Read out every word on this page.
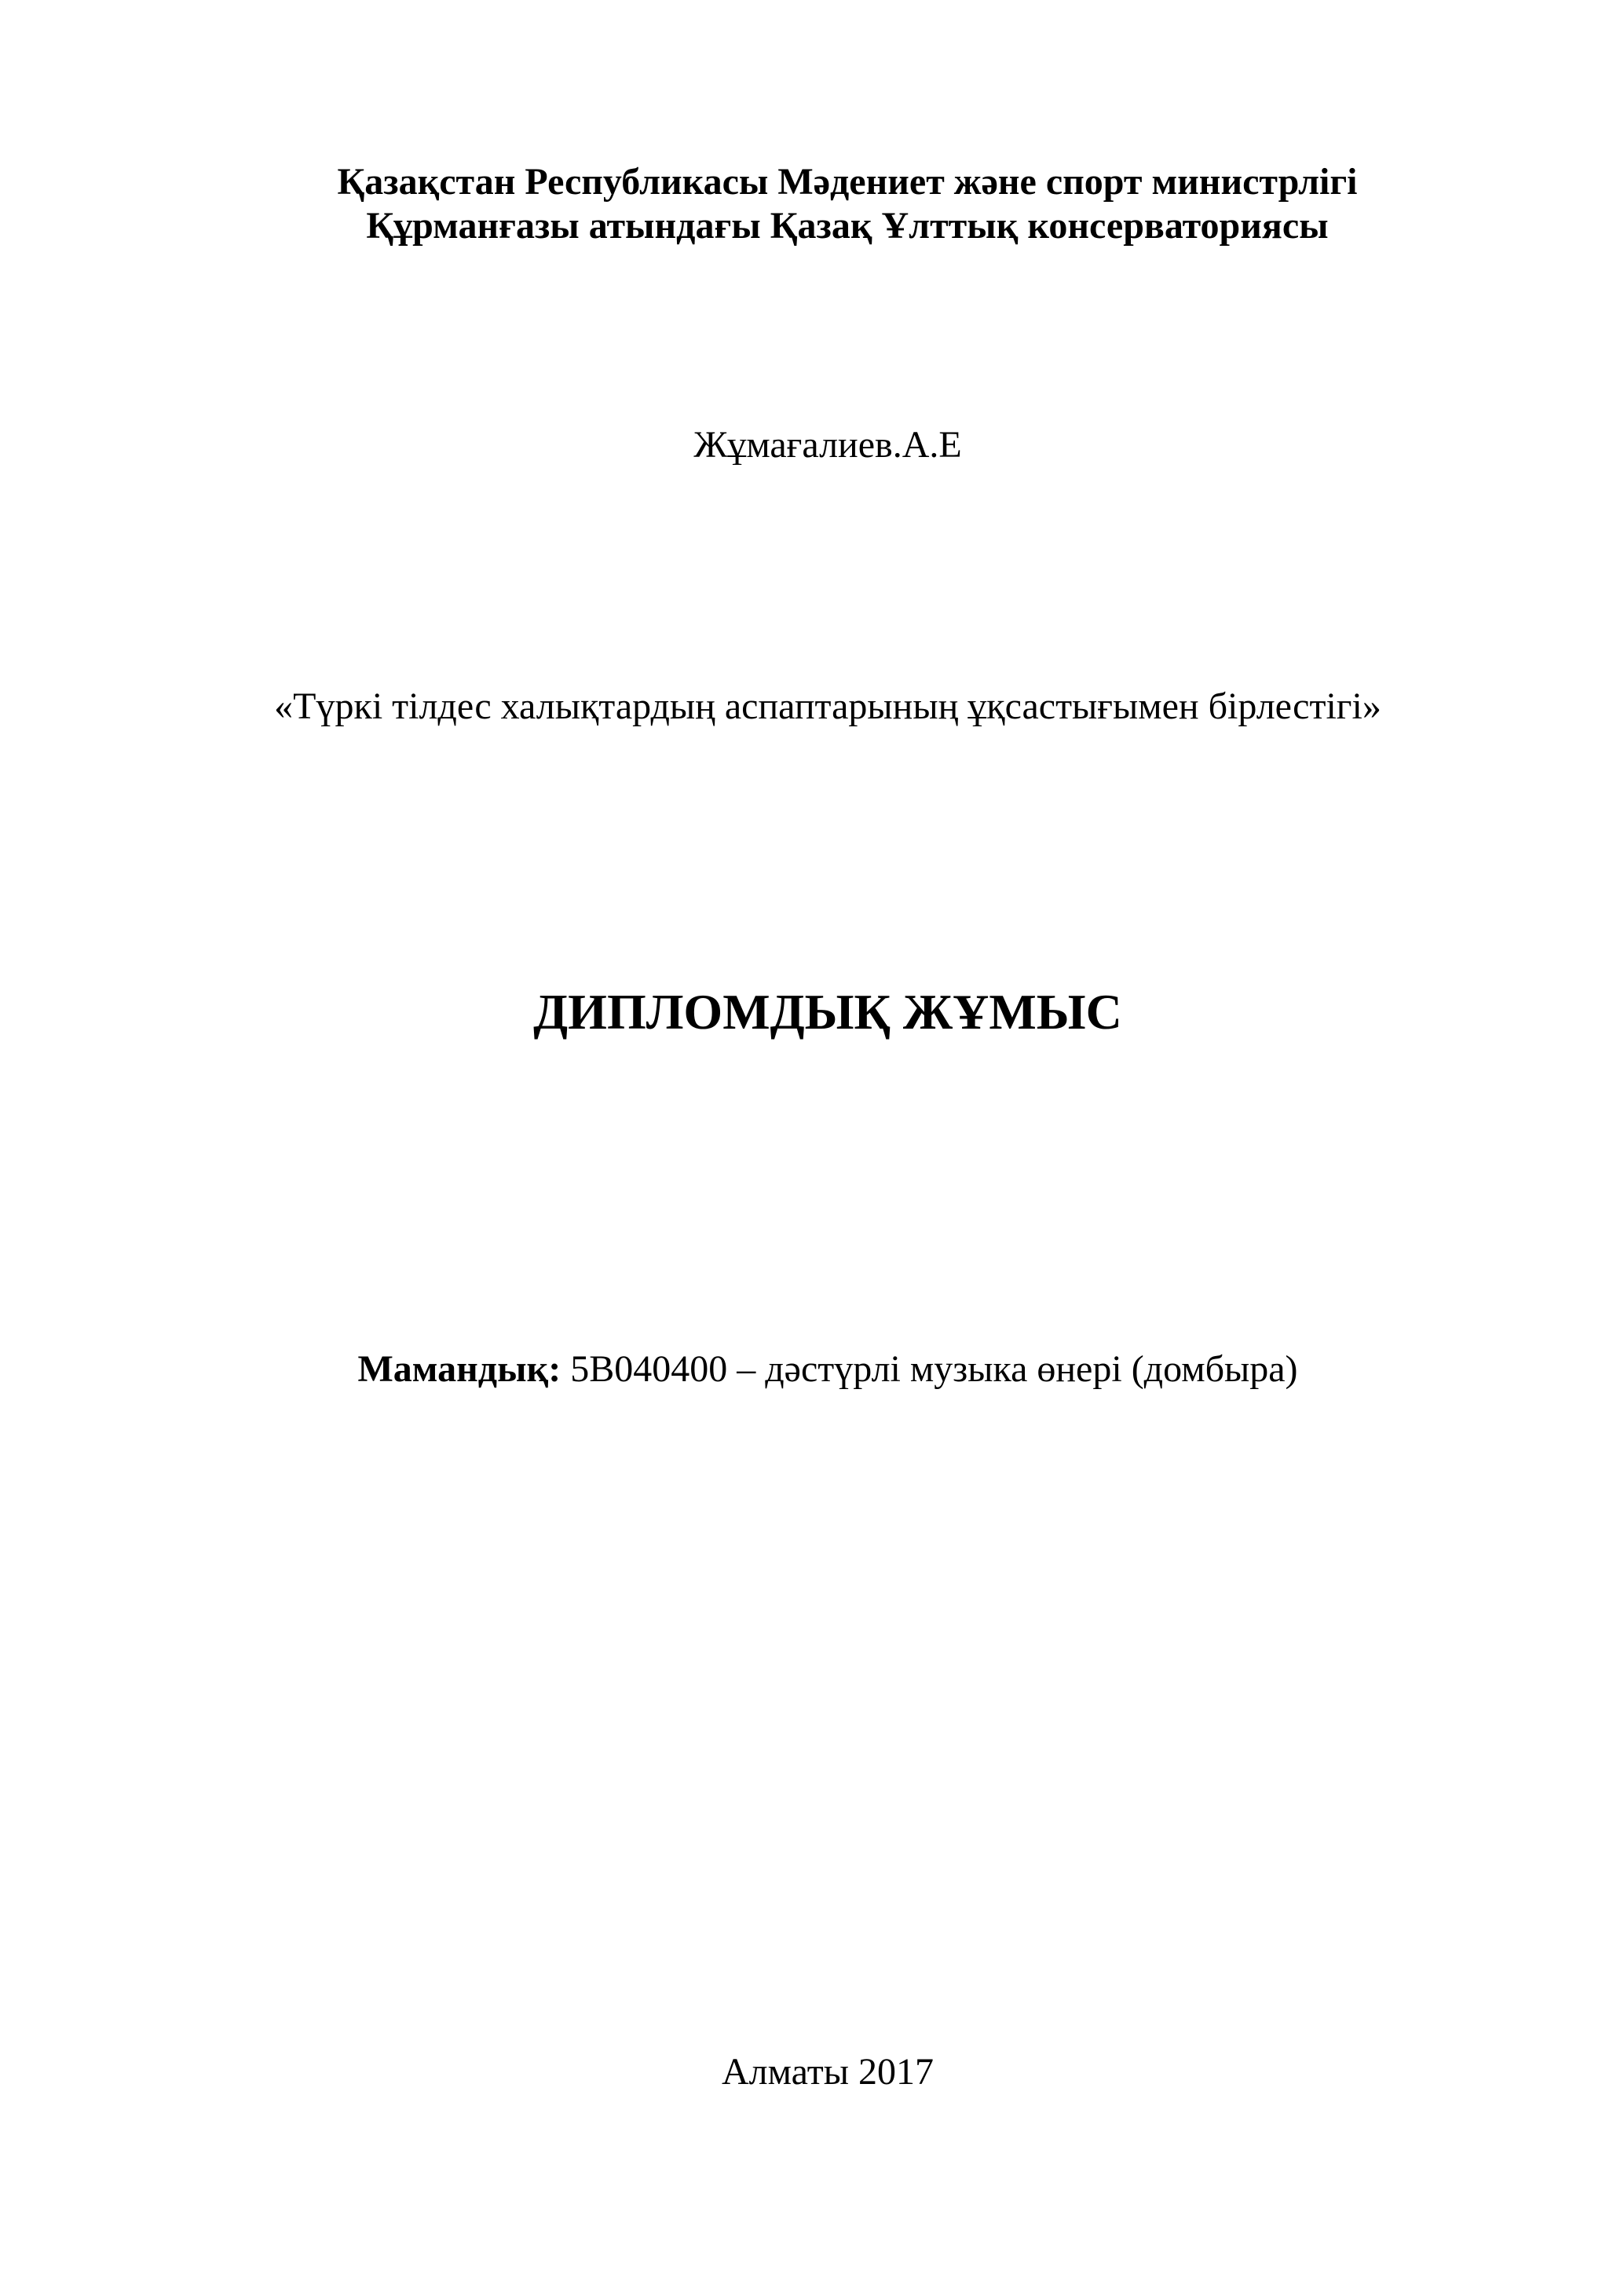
Қазақстан Республикасы Мәдениет және спорт министрлігі
Құрманғазы атындағы Қазақ Ұлттық консерваториясы
Жұмағалиев.А.Е
«Түркі тілдес халықтардың аспаптарының ұқсастығымен бірлестігі»
ДИПЛОМДЫҚ ЖҰМЫС
Мамандық: 5В040400 – дәстүрлі музыка өнері (домбыра)
Алматы 2017
